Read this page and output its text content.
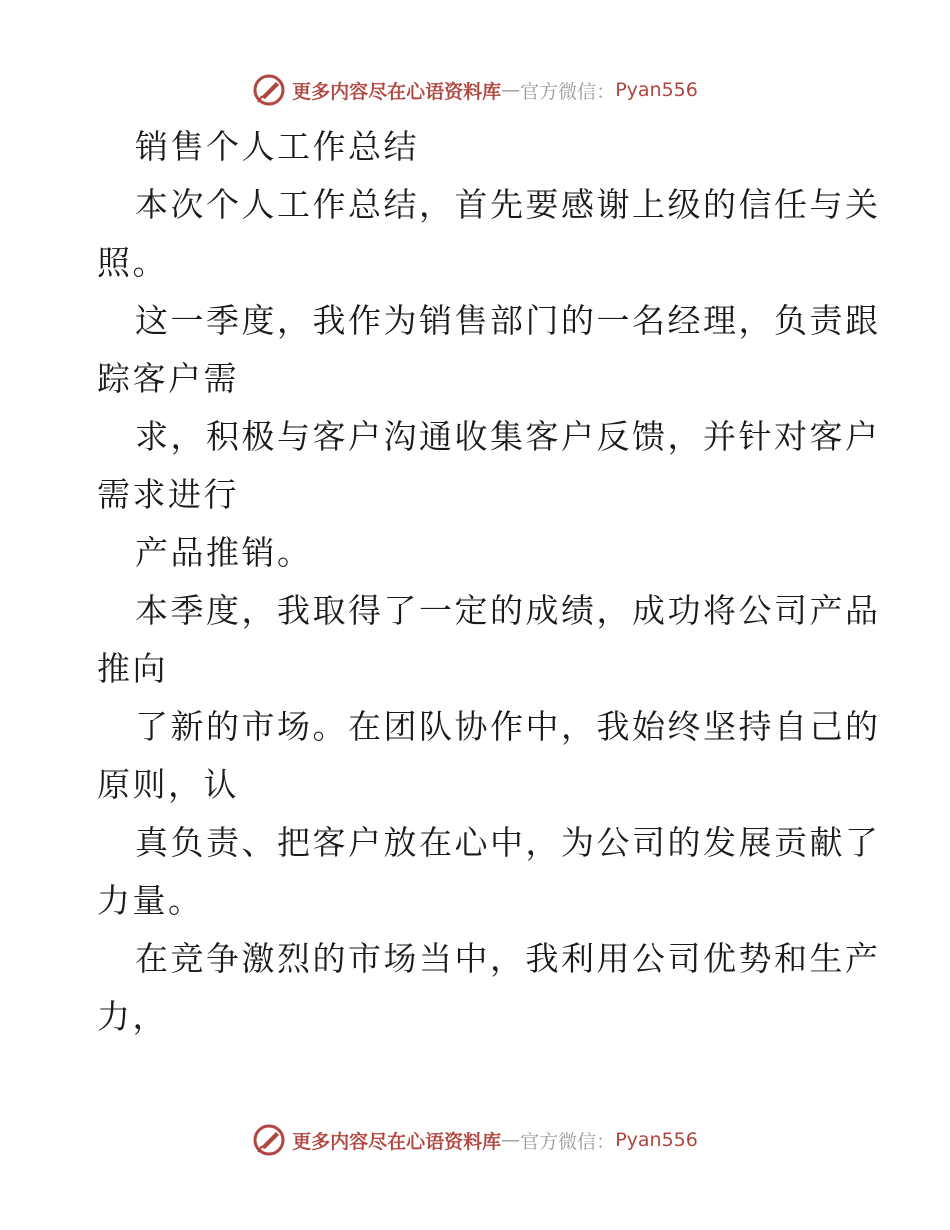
更多内容尽在心语资料库 — 官方微信： Pyan556
销售个人工作总结
本次个人工作总结，首先要感谢上级的信任与关
照。
这一季度，我作为销售部门的一名经理，负责跟
踪客户需
求，积极与客户沟通收集客户反馈，并针对客户
需求进行
产品推销。
本季度，我取得了一定的成绩，成功将公司产品
推向
了新的市场。在团队协作中，我始终坚持自己的
原则，认
真负责、把客户放在心中，为公司的发展贡献了
力量。
在竞争激烈的市场当中，我利用公司优势和生产
力，
更多内容尽在心语资料库 — 官方微信： Pyan556
